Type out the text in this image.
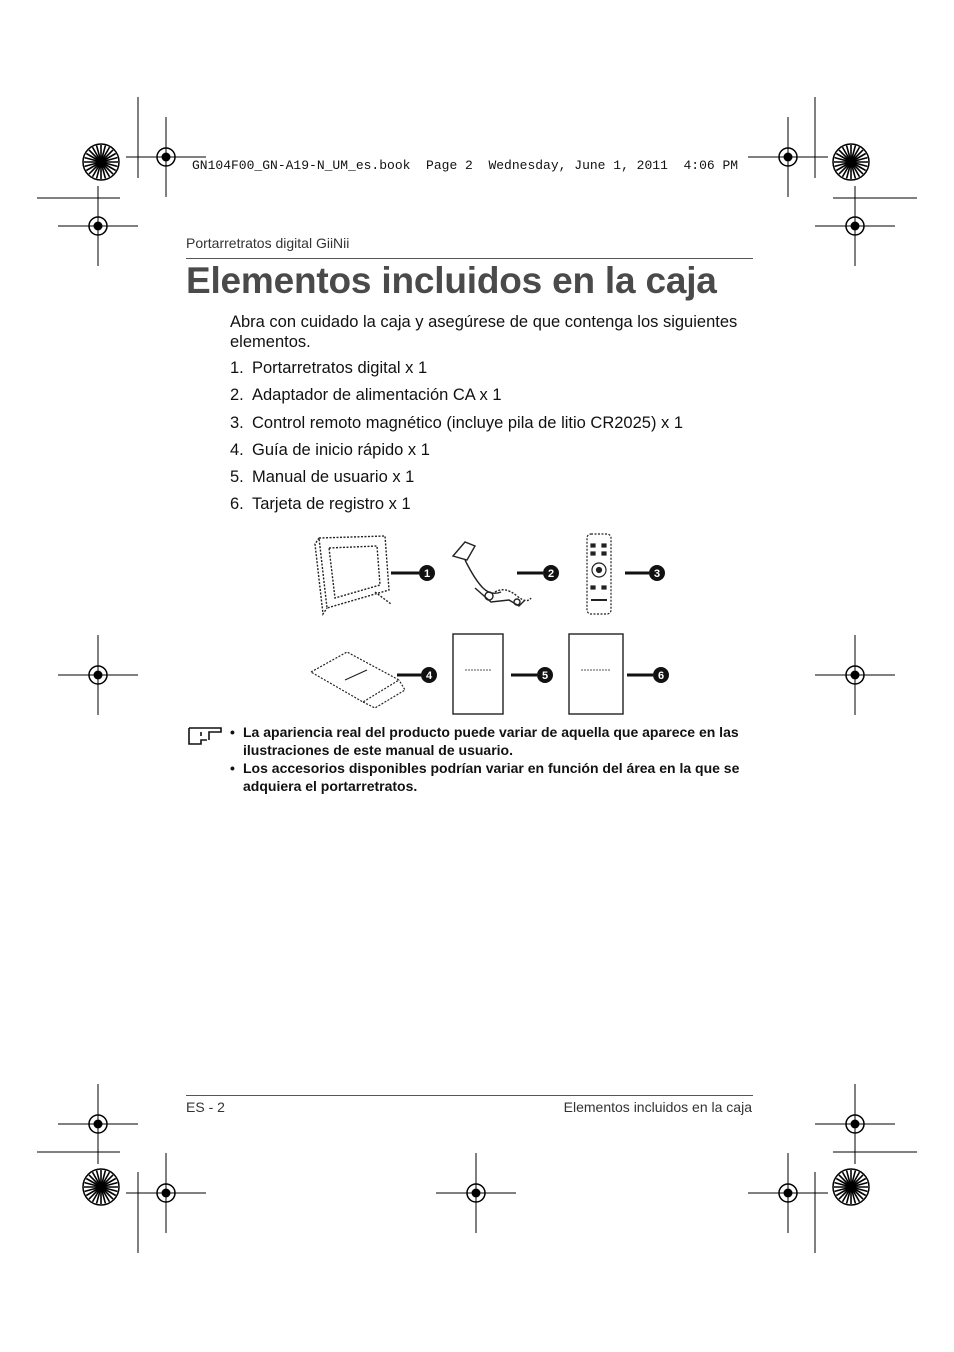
GN104F00_GN-A19-N_UM_es.book  Page 2  Wednesday, June 1, 2011  4:06 PM
Portarretratos digital GiiNii
Elementos incluidos en la caja
Abra con cuidado la caja y asegúrese de que contenga los siguientes elementos.
1. Portarretratos digital x 1
2. Adaptador de alimentación CA x 1
3. Control remoto magnético (incluye pila de litio CR2025) x 1
4. Guía de inicio rápido x 1
5. Manual de usuario x 1
6. Tarjeta de registro x 1
1	2	3
4	5	6
• La apariencia real del producto puede variar de aquella que aparece en las ilustraciones de este manual de usuario.
• Los accesorios disponibles podrían variar en función del área en la que se adquiera el portarretratos.
ES - 2	Elementos incluidos en la caja
